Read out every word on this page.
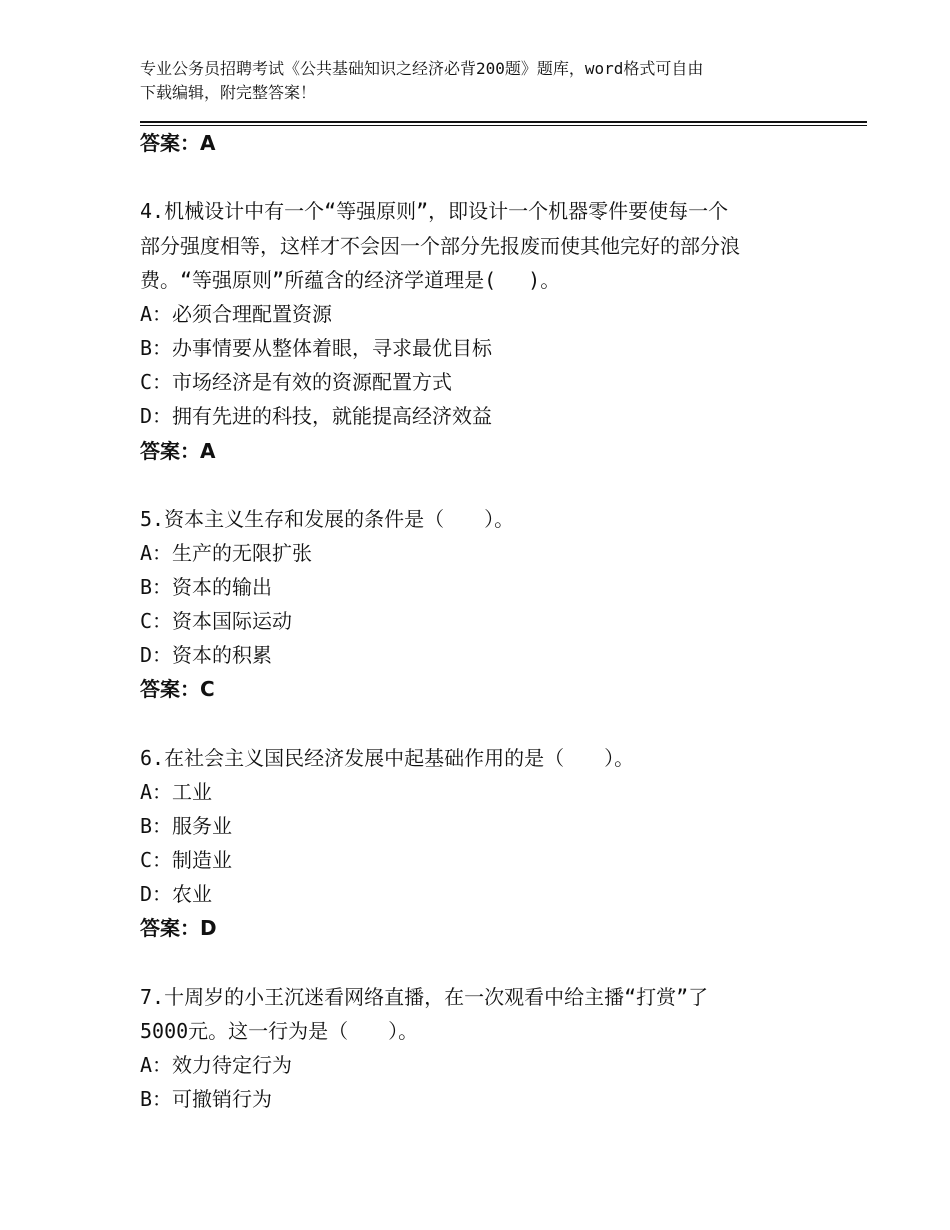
专业公务员招聘考试《公共基础知识之经济必背200题》题库，word格式可自由
下载编辑，附完整答案！
答案：A
4.机械设计中有一个“等强原则”，即设计一个机器零件要使每一个
部分强度相等，这样才不会因一个部分先报废而使其他完好的部分浪
费。“等强原则”所蕴含的经济学道理是(　 )。
A：必须合理配置资源
B：办事情要从整体着眼，寻求最优目标
C：市场经济是有效的资源配置方式
D：拥有先进的科技，就能提高经济效益
答案：A
5.资本主义生存和发展的条件是（　　）。
A：生产的无限扩张
B：资本的输出
C：资本国际运动
D：资本的积累
答案：C
6.在社会主义国民经济发展中起基础作用的是（　　）。
A：工业
B：服务业
C：制造业
D：农业
答案：D
7.十周岁的小王沉迷看网络直播，在一次观看中给主播“打赏”了
5000元。这一行为是（　　）。
A：效力待定行为
B：可撤销行为
